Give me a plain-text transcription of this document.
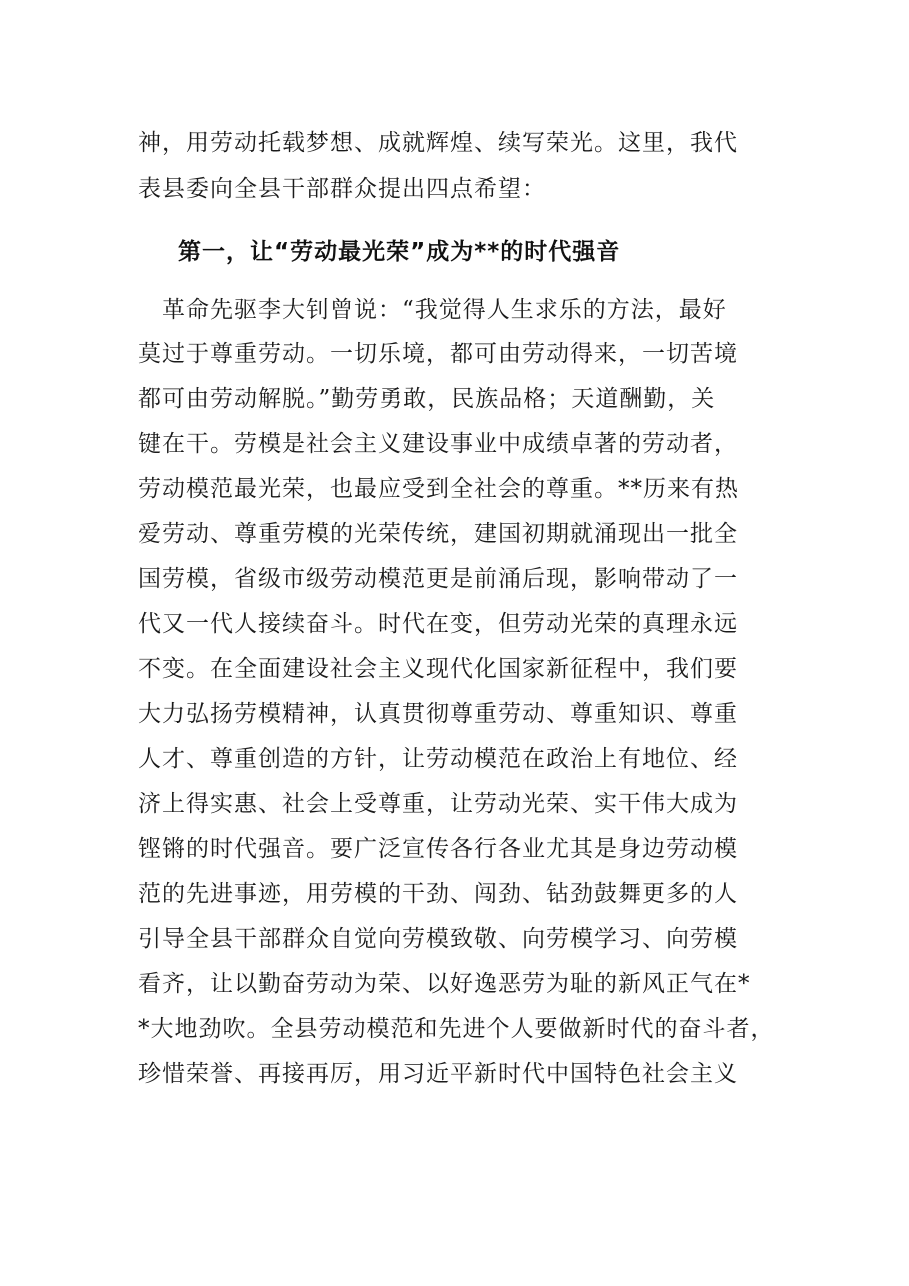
神，用劳动托载梦想、成就辉煌、续写荣光。这里，我代
表县委向全县干部群众提出四点希望：
第一，让“劳动最光荣”成为**的时代强音
　革命先驱李大钊曾说：“我觉得人生求乐的方法，最好
莫过于尊重劳动。一切乐境，都可由劳动得来，一切苦境
都可由劳动解脱。”勤劳勇敢，民族品格；天道酬勤，关
键在干。劳模是社会主义建设事业中成绩卓著的劳动者，
劳动模范最光荣，也最应受到全社会的尊重。**历来有热
爱劳动、尊重劳模的光荣传统，建国初期就涌现出一批全
国劳模，省级市级劳动模范更是前涌后现，影响带动了一
代又一代人接续奋斗。时代在变，但劳动光荣的真理永远
不变。在全面建设社会主义现代化国家新征程中，我们要
大力弘扬劳模精神，认真贯彻尊重劳动、尊重知识、尊重
人才、尊重创造的方针，让劳动模范在政治上有地位、经
济上得实惠、社会上受尊重，让劳动光荣、实干伟大成为
铿锵的时代强音。要广泛宣传各行各业尤其是身边劳动模
范的先进事迹，用劳模的干劲、闯劲、钻劲鼓舞更多的人
引导全县干部群众自觉向劳模致敬、向劳模学习、向劳模
看齐，让以勤奋劳动为荣、以好逸恶劳为耻的新风正气在*
*大地劲吹。全县劳动模范和先进个人要做新时代的奋斗者，
珍惜荣誉、再接再厉，用习近平新时代中国特色社会主义
